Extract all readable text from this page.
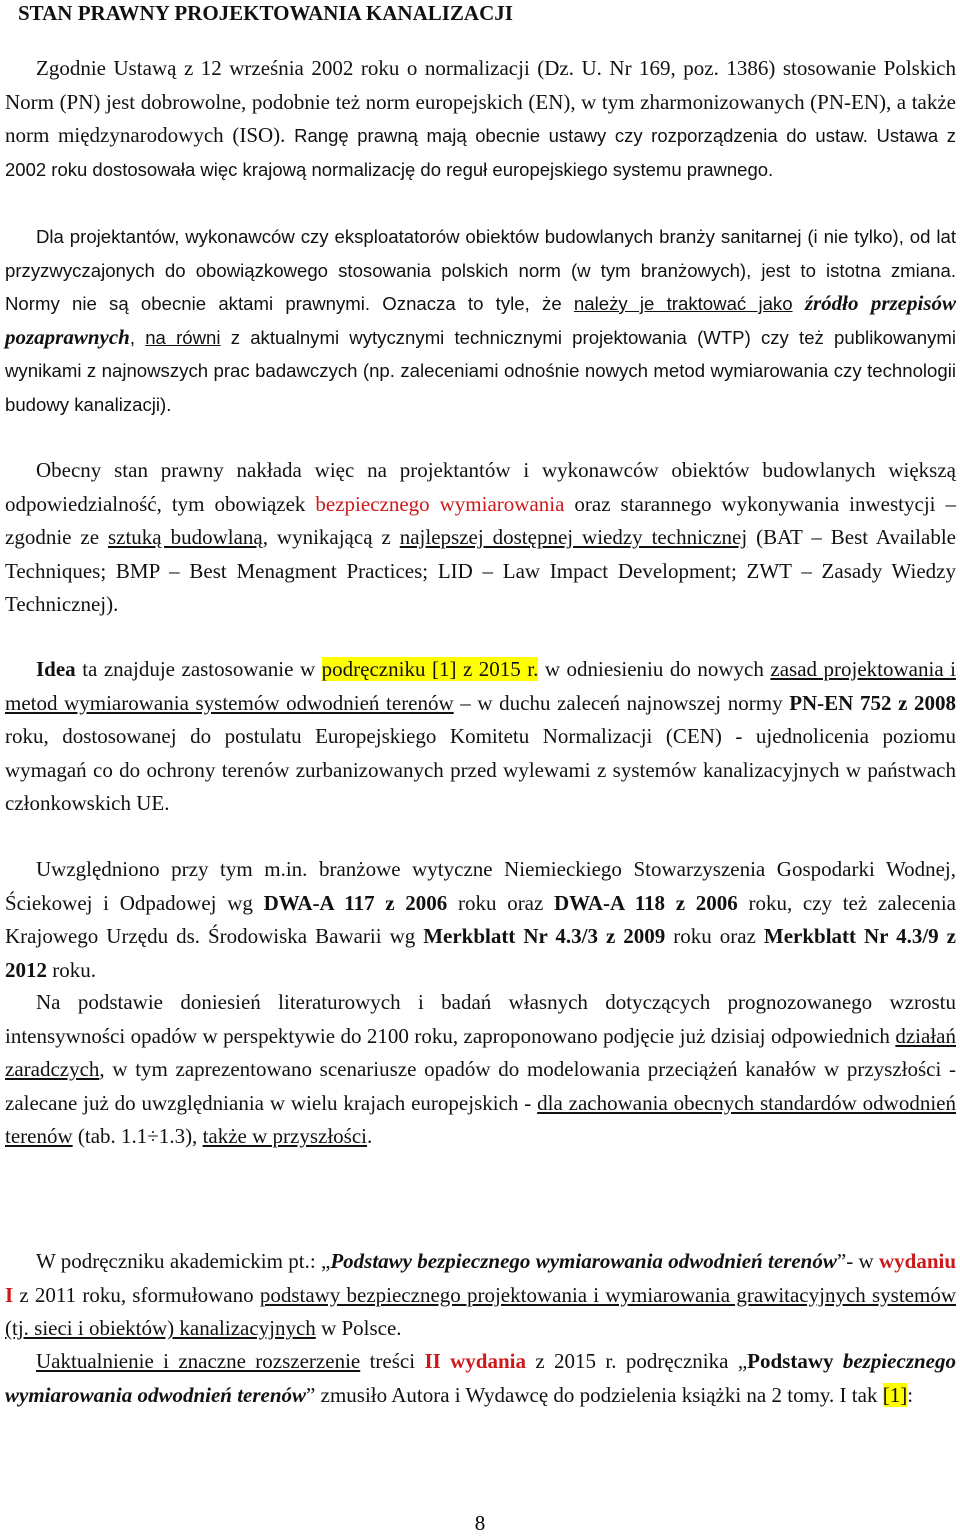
STAN PRAWNY PROJEKTOWANIA KANALIZACJI

Zgodnie Ustawą z 12 września 2002 roku o normalizacji (Dz. U. Nr 169, poz. 1386) stosowanie Polskich Norm (PN) jest dobrowolne, podobnie też norm europejskich (EN), w tym zharmonizowanych (PN-EN), a także norm międzynarodowych (ISO). Rangę prawną mają obecnie ustawy czy rozporządzenia do ustaw. Ustawa z 2002 roku dostosowała więc krajową normalizację do reguł europejskiego systemu prawnego.

Dla projektantów, wykonawców czy eksploatatorów obiektów budowlanych branży sanitarnej (i nie tylko), od lat przyzwyczajonych do obowiązkowego stosowania polskich norm (w tym branżowych), jest to istotna zmiana. Normy nie są obecnie aktami prawnymi. Oznacza to tyle, że należy je traktować jako źródło przepisów pozaprawnych, na równi z aktualnymi wytycznymi technicznymi projektowania (WTP) czy też publikowanymi wynikami z najnowszych prac badawczych (np. zaleceniami odnośnie nowych metod wymiarowania czy technologii budowy kanalizacji).

Obecny stan prawny nakłada więc na projektantów i wykonawców obiektów budowlanych większą odpowiedzialność, tym obowiązek bezpiecznego wymiarowania oraz starannego wykonywania inwestycji – zgodnie ze sztuką budowlaną, wynikającą z najlepszej dostępnej wiedzy technicznej (BAT – Best Available Techniques; BMP – Best Menagment Practices; LID – Law Impact Development; ZWT – Zasady Wiedzy Technicznej).

Idea ta znajduje zastosowanie w podręczniku [1] z 2015 r. w odniesieniu do nowych zasad projektowania i metod wymiarowania systemów odwodnień terenów – w duchu zaleceń najnowszej normy PN-EN 752 z 2008 roku, dostosowanej do postulatu Europejskiego Komitetu Normalizacji (CEN) - ujednolicenia poziomu wymagań co do ochrony terenów zurbanizowanych przed wylewami z systemów kanalizacyjnych w państwach członkowskich UE.

Uwzględniono przy tym m.in. branżowe wytyczne Niemieckiego Stowarzyszenia Gospodarki Wodnej, Ściekowej i Odpadowej wg DWA-A 117 z 2006 roku oraz DWA-A 118 z 2006 roku, czy też zalecenia Krajowego Urzędu ds. Środowiska Bawarii wg Merkblatt Nr 4.3/3 z 2009 roku oraz Merkblatt Nr 4.3/9 z 2012 roku.

Na podstawie doniesień literaturowych i badań własnych dotyczących prognozowanego wzrostu intensywności opadów w perspektywie do 2100 roku, zaproponowano podjęcie już dzisiaj odpowiednich działań zaradczych, w tym zaprezentowano scenariusze opadów do modelowania przeciążeń kanałów w przyszłości - zalecane już do uwzględniania w wielu krajach europejskich - dla zachowania obecnych standardów odwodnień terenów (tab. 1.1÷1.3), także w przyszłości.

W podręczniku akademickim pt.: „Podstawy bezpiecznego wymiarowania odwodnień terenów”- w wydaniu I z 2011 roku, sformułowano podstawy bezpiecznego projektowania i wymiarowania grawitacyjnych systemów (tj. sieci i obiektów) kanalizacyjnych w Polsce.

Uaktualnienie i znaczne rozszerzenie treści II wydania z 2015 r. podręcznika „Podstawy bezpiecznego wymiarowania odwodnień terenów” zmusiło Autora i Wydawcę do podzielenia książki na 2 tomy. I tak [1]:

8
